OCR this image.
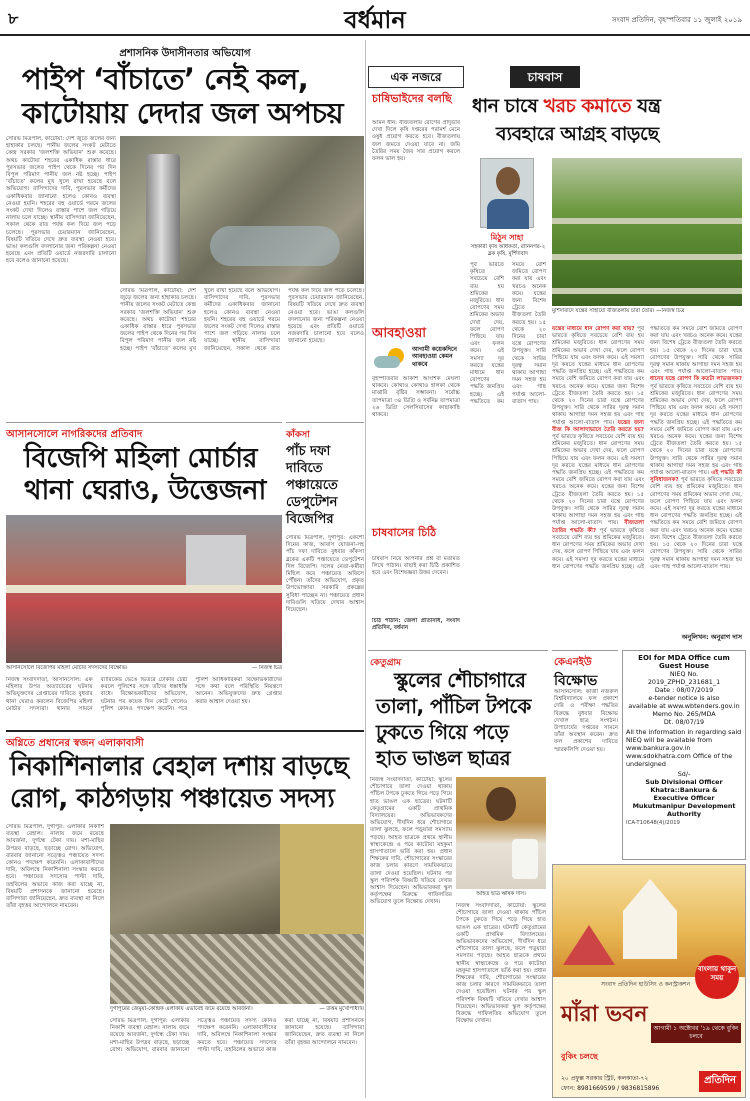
৮	বর্ধমান	সংবাদ প্রতিদিন, বৃহস্পতিবার ১১ জুলাই ২০১৯
প্রশাসনিক উদাসীনতার অভিযোগ
পাইপ ‘বাঁচাতে’ নেই কল,
কাটোয়ায় দেদার জল অপচয়
সৌরভ মিত্রপাল, কাটোয়া: দেশ জুড়ে জলের জন্য হাহাকার চলছে। পানীয় জলের সংকট মেটাতে কেন্দ্র সরকার ‘জলশক্তি অভিযান’ শুরু করেছে। অথচ কাটোয়া শহরের একাধিক রাস্তার ধারে পুরসভার জলের পাইপ থেকে দিনের পর দিন বিপুল পরিমাণ পানীয় জল নষ্ট হচ্ছে। পাইপ ‘বাঁচাতে’ কলের মুখ খুলে রাখা হয়েছে বলে অভিযোগ। বাসিন্দাদের দাবি, পুরসভার কর্মীদের একাধিকবার জানানো হলেও কোনও ব্যবস্থা নেওয়া হয়নি। শহরের বহু ওয়ার্ডে গরমে জলের সংকট দেখা দিলেও রাস্তার পাশে জল গড়িয়ে নালায় চলে যাচ্ছে। স্থানীয় বাসিন্দারা জানিয়েছেন, সকাল থেকে রাত পর্যন্ত কল দিয়ে জল পড়ে চলেছে। পুরসভার চেয়ারম্যান জানিয়েছেন, বিষয়টি খতিয়ে দেখে দ্রুত ব্যবস্থা নেওয়া হবে। ভাঙা কলগুলি বদলানোর জন্য পরিকল্পনা নেওয়া হয়েছে এবং প্রতিটি ওয়ার্ডে নজরদারি চালানো হবে বলেও জানানো হয়েছে।
সৌরভ মিত্রপাল, কাটোয়া: দেশ জুড়ে জলের জন্য হাহাকার চলছে। পানীয় জলের সংকট মেটাতে কেন্দ্র সরকার ‘জলশক্তি অভিযান’ শুরু করেছে। অথচ কাটোয়া শহরের একাধিক রাস্তার ধারে পুরসভার জলের পাইপ থেকে দিনের পর দিন বিপুল পরিমাণ পানীয় জল নষ্ট হচ্ছে। পাইপ ‘বাঁচাতে’ কলের মুখ খুলে রাখা হয়েছে বলে অভিযোগ। বাসিন্দাদের দাবি, পুরসভার কর্মীদের একাধিকবার জানানো হলেও কোনও ব্যবস্থা নেওয়া হয়নি। শহরের বহু ওয়ার্ডে গরমে জলের সংকট দেখা দিলেও রাস্তার পাশে জল গড়িয়ে নালায় চলে যাচ্ছে। স্থানীয় বাসিন্দারা জানিয়েছেন, সকাল থেকে রাত পর্যন্ত কল দিয়ে জল পড়ে চলেছে। পুরসভার চেয়ারম্যান জানিয়েছেন, বিষয়টি খতিয়ে দেখে দ্রুত ব্যবস্থা নেওয়া হবে। ভাঙা কলগুলি বদলানোর জন্য পরিকল্পনা নেওয়া হয়েছে এবং প্রতিটি ওয়ার্ডে নজরদারি চালানো হবে বলেও জানানো হয়েছে।
এক নজরে
চাষিভাইদের বলছি
আমন ধান: বীজতলায় রোগের প্রাদুর্ভাব দেখা দিলে কৃষি দপ্তরের পরামর্শ মেনে ওষুধ প্রয়োগ করতে হবে। বীজতলায় জল জমতে দেওয়া যাবে না। জমি তৈরির সময় জৈব সার প্রয়োগ করলে ফলন ভাল হয়।
আবহাওয়া
আগামী কয়েকদিনে আবহাওয়া কেমন থাকবে
বৃহস্পতিবার আকাশ আংশিক মেঘলা থাকবে। কোথাও কোথাও হালকা থেকে মাঝারি বৃষ্টির সম্ভাবনা। সর্বোচ্চ তাপমাত্রা ৩৪ ডিগ্রি ও সর্বনিম্ন তাপমাত্রা ২৬ ডিগ্রি সেলসিয়াসের কাছাকাছি থাকবে।
চাষবাসের চিঠি
চাষবাস নিয়ে আপনার প্রশ্ন বা মতামত লিখে পাঠান। বাছাই করা চিঠি প্রকাশিত হবে এবং বিশেষজ্ঞরা উত্তর দেবেন।
চিঠি পাঠান: জেলা প্রতিনিধি, সংবাদ প্রতিদিন, বর্ধমান
চাষবাস
ধান চাষে খরচ কমাতে যন্ত্র
ব্যবহারে আগ্রহ বাড়ছে
মিঠুন সাহা
সহকারী কৃষি অধিকর্তা, রানিনগর-২ ব্লক কৃষি, মুর্শিদাবাদ
মুর্শিদাবাদে যন্ত্রের সাহায্যে বীজতলায় চারা তৈরি। —নিজস্ব চিত্র
পূর্ব ভারতে কৃষিতে সবচেয়ে বেশি ব্যয় হয় শ্রমিকের মজুরিতে। ধান রোপণের সময় শ্রমিকের অভাব দেখা দেয়, ফলে রোপণ পিছিয়ে যায় এবং ফলন কমে। এই সমস্যা দূর করতে যন্ত্রের মাধ্যমে ধান রোপণের পদ্ধতি জনপ্রিয় হচ্ছে। এই পদ্ধতিতে কম সময়ে বেশি জমিতে রোপণ করা যায় এবং খরচও অনেক কমে। যন্ত্রের জন্য বিশেষ ট্রেতে বীজতলা তৈরি করতে হয়। ১৫ থেকে ২০ দিনের চারা যন্ত্রে রোপণের উপযুক্ত। সারি থেকে সারির দূরত্ব সমান থাকায় আগাছা দমন সহজ হয় এবং গাছ পর্যাপ্ত আলো-বাতাস পায়।
যন্ত্রের মাধ্যমে ধান রোপণ করা যায়? পূর্ব ভারতে কৃষিতে সবচেয়ে বেশি ব্যয় হয় শ্রমিকের মজুরিতে। ধান রোপণের সময় শ্রমিকের অভাব দেখা দেয়, ফলে রোপণ পিছিয়ে যায় এবং ফলন কমে। এই সমস্যা দূর করতে যন্ত্রের মাধ্যমে ধান রোপণের পদ্ধতি জনপ্রিয় হচ্ছে। এই পদ্ধতিতে কম সময়ে বেশি জমিতে রোপণ করা যায় এবং খরচও অনেক কমে। যন্ত্রের জন্য বিশেষ ট্রেতে বীজতলা তৈরি করতে হয়। ১৫ থেকে ২০ দিনের চারা যন্ত্রে রোপণের উপযুক্ত। সারি থেকে সারির দূরত্ব সমান থাকায় আগাছা দমন সহজ হয় এবং গাছ পর্যাপ্ত আলো-বাতাস পায়। যন্ত্রের জন্য বীজ কি আলাদাভাবে তৈরি করতে হয়? পূর্ব ভারতে কৃষিতে সবচেয়ে বেশি ব্যয় হয় শ্রমিকের মজুরিতে। ধান রোপণের সময় শ্রমিকের অভাব দেখা দেয়, ফলে রোপণ পিছিয়ে যায় এবং ফলন কমে। এই সমস্যা দূর করতে যন্ত্রের মাধ্যমে ধান রোপণের পদ্ধতি জনপ্রিয় হচ্ছে। এই পদ্ধতিতে কম সময়ে বেশি জমিতে রোপণ করা যায় এবং খরচও অনেক কমে। যন্ত্রের জন্য বিশেষ ট্রেতে বীজতলা তৈরি করতে হয়। ১৫ থেকে ২০ দিনের চারা যন্ত্রে রোপণের উপযুক্ত। সারি থেকে সারির দূরত্ব সমান থাকায় আগাছা দমন সহজ হয় এবং গাছ পর্যাপ্ত আলো-বাতাস পায়। বীজতলা তৈরির পদ্ধতি কী? পূর্ব ভারতে কৃষিতে সবচেয়ে বেশি ব্যয় হয় শ্রমিকের মজুরিতে। ধান রোপণের সময় শ্রমিকের অভাব দেখা দেয়, ফলে রোপণ পিছিয়ে যায় এবং ফলন কমে। এই সমস্যা দূর করতে যন্ত্রের মাধ্যমে ধান রোপণের পদ্ধতি জনপ্রিয় হচ্ছে। এই পদ্ধতিতে কম সময়ে বেশি জমিতে রোপণ করা যায় এবং খরচও অনেক কমে। যন্ত্রের জন্য বিশেষ ট্রেতে বীজতলা তৈরি করতে হয়। ১৫ থেকে ২০ দিনের চারা যন্ত্রে রোপণের উপযুক্ত। সারি থেকে সারির দূরত্ব সমান থাকায় আগাছা দমন সহজ হয় এবং গাছ পর্যাপ্ত আলো-বাতাস পায়। ধানের যন্ত্রে রোপণ কি কতটা লাভজনক? পূর্ব ভারতে কৃষিতে সবচেয়ে বেশি ব্যয় হয় শ্রমিকের মজুরিতে। ধান রোপণের সময় শ্রমিকের অভাব দেখা দেয়, ফলে রোপণ পিছিয়ে যায় এবং ফলন কমে। এই সমস্যা দূর করতে যন্ত্রের মাধ্যমে ধান রোপণের পদ্ধতি জনপ্রিয় হচ্ছে। এই পদ্ধতিতে কম সময়ে বেশি জমিতে রোপণ করা যায় এবং খরচও অনেক কমে। যন্ত্রের জন্য বিশেষ ট্রেতে বীজতলা তৈরি করতে হয়। ১৫ থেকে ২০ দিনের চারা যন্ত্রে রোপণের উপযুক্ত। সারি থেকে সারির দূরত্ব সমান থাকায় আগাছা দমন সহজ হয় এবং গাছ পর্যাপ্ত আলো-বাতাস পায়। এই পদ্ধতি কী সুবিধাজনক? পূর্ব ভারতে কৃষিতে সবচেয়ে বেশি ব্যয় হয় শ্রমিকের মজুরিতে। ধান রোপণের সময় শ্রমিকের অভাব দেখা দেয়, ফলে রোপণ পিছিয়ে যায় এবং ফলন কমে। এই সমস্যা দূর করতে যন্ত্রের মাধ্যমে ধান রোপণের পদ্ধতি জনপ্রিয় হচ্ছে। এই পদ্ধতিতে কম সময়ে বেশি জমিতে রোপণ করা যায় এবং খরচও অনেক কমে। যন্ত্রের জন্য বিশেষ ট্রেতে বীজতলা তৈরি করতে হয়। ১৫ থেকে ২০ দিনের চারা যন্ত্রে রোপণের উপযুক্ত। সারি থেকে সারির দূরত্ব সমান থাকায় আগাছা দমন সহজ হয় এবং গাছ পর্যাপ্ত আলো-বাতাস পায়।
অনুলিখন: অনুরাগ দাস
আসানসোলে নাগরিকদের প্রতিবাদ
বিজেপি মহিলা মোর্চার
থানা ঘেরাও, উত্তেজনা
আসানসোলে বিজেপির মহিলা মোর্চার সদস্যদের বিক্ষোভ।	— নিজস্ব চিত্র
নিজস্ব সংবাদদাতা, আসানসোল: এক মহিলার উপর অত্যাচারের ঘটনায় অভিযুক্তদের গ্রেপ্তারের দাবিতে বুধবার থানা ঘেরাও করলেন বিজেপির মহিলা মোর্চার সদস্যরা। থানার সামনে ব্যারিকেড ভেঙে ভিতরে ঢোকার চেষ্টা করলে পুলিশের সঙ্গে তাঁদের ধস্তাধস্তি বাধে। বিক্ষোভকারীদের অভিযোগ, ঘটনার পর কয়েক দিন কেটে গেলেও পুলিশ কোনও পদক্ষেপ করেনি। পরে পুলিশ আধিকারিকরা বিক্ষোভকারীদের সঙ্গে কথা বলে পরিস্থিতি নিয়ন্ত্রণে আনেন। অভিযুক্তদের দ্রুত গ্রেপ্তার করার আশ্বাস দেওয়া হয়।
কাঁকসা
পাঁচ দফা দাবিতে পঞ্চায়েতে ডেপুটেশন বিজেপির
সৌরভ মিত্রপাল, দুর্গাপুর: একশো দিনের কাজ, আবাস যোজনা-সহ পাঁচ দফা দাবিতে বুধবার কাঁকসা ব্লকের একটি পঞ্চায়েতে ডেপুটেশন দিল বিজেপি। দলের নেতা-কর্মীরা মিছিল করে পঞ্চায়েত অফিসে পৌঁছন। তাঁদের অভিযোগ, প্রকৃত উপভোক্তারা সরকারি প্রকল্পের সুবিধা পাচ্ছেন না। পঞ্চায়েত প্রধান দাবিগুলি খতিয়ে দেখার আশ্বাস দিয়েছেন।
অগ্নিতে প্রধানের স্বজন এলাকাবাসী
নিকাশিনালার বেহাল দশায় বাড়ছে
রোগ, কাঠগড়ায় পঞ্চায়েত সদস্য
সৌরভ মিত্রপাল, দুর্গাপুর: এলাকার নিকাশি ব্যবস্থা বেহাল। নালায় জমে রয়েছে আবর্জনা, দুর্গন্ধে টেকা দায়। মশা-মাছির উপদ্রব বাড়ছে, ছড়াচ্ছে রোগ। অভিযোগ, বারবার জানানো সত্ত্বেও পঞ্চায়েত সদস্য কোনও পদক্ষেপ করেননি। এলাকাবাসীদের দাবি, অবিলম্বে নিকাশিনালা সংস্কার করতে হবে। পঞ্চায়েত সদস্যের পাল্টা দাবি, তহবিলের অভাবে কাজ করা যাচ্ছে না, বিষয়টি প্রশাসনকে জানানো হয়েছে। বাসিন্দারা জানিয়েছেন, দ্রুত ব্যবস্থা না নিলে তাঁরা বৃহত্তর আন্দোলনে নামবেন।
দুর্গাপুরের জেমুয়া-কেন্দ্রিক এলাকায় এভাবেই জমে রয়েছে আবর্জনা।	— উত্তম মুখোপাধ্যায়
সৌরভ মিত্রপাল, দুর্গাপুর: এলাকার নিকাশি ব্যবস্থা বেহাল। নালায় জমে রয়েছে আবর্জনা, দুর্গন্ধে টেকা দায়। মশা-মাছির উপদ্রব বাড়ছে, ছড়াচ্ছে রোগ। অভিযোগ, বারবার জানানো সত্ত্বেও পঞ্চায়েত সদস্য কোনও পদক্ষেপ করেননি। এলাকাবাসীদের দাবি, অবিলম্বে নিকাশিনালা সংস্কার করতে হবে। পঞ্চায়েত সদস্যের পাল্টা দাবি, তহবিলের অভাবে কাজ করা যাচ্ছে না, বিষয়টি প্রশাসনকে জানানো হয়েছে। বাসিন্দারা জানিয়েছেন, দ্রুত ব্যবস্থা না নিলে তাঁরা বৃহত্তর আন্দোলনে নামবেন।
কেতুগ্রাম
স্কুলের শৌচাগারে
তালা, পাঁচিল টপকে
ঢুকতে গিয়ে পড়ে
হাত ভাঙল ছাত্রর
নিজস্ব সংবাদদাতা, কাটোয়া: স্কুলের শৌচাগারে তালা দেওয়া থাকায় পাঁচিল টপকে ঢুকতে গিয়ে পড়ে গিয়ে হাত ভাঙল এক ছাত্রের। ঘটনাটি কেতুগ্রামের একটি প্রাথমিক বিদ্যালয়ের। অভিভাবকদের অভিযোগ, দীর্ঘদিন ধরে শৌচাগারে তালা ঝুলছে, ফলে পড়ুয়ারা সমস্যায় পড়ছে। আহত ছাত্রকে প্রথমে স্থানীয় স্বাস্থ্যকেন্দ্রে ও পরে কাটোয়া মহকুমা হাসপাতালে ভর্তি করা হয়। প্রধান শিক্ষকের দাবি, শৌচাগারের সংস্কারের কাজ চলার কারণে সাময়িকভাবে তালা দেওয়া হয়েছিল। ঘটনার পর স্কুল পরিদর্শক বিষয়টি খতিয়ে দেখার আশ্বাস দিয়েছেন। অভিভাবকরা স্কুল কর্তৃপক্ষের বিরুদ্ধে গাফিলতির অভিযোগ তুলে বিক্ষোভ দেখান।
আহত ছাত্র ঋষিক দাস।
নিজস্ব সংবাদদাতা, কাটোয়া: স্কুলের শৌচাগারে তালা দেওয়া থাকায় পাঁচিল টপকে ঢুকতে গিয়ে পড়ে গিয়ে হাত ভাঙল এক ছাত্রের। ঘটনাটি কেতুগ্রামের একটি প্রাথমিক বিদ্যালয়ের। অভিভাবকদের অভিযোগ, দীর্ঘদিন ধরে শৌচাগারে তালা ঝুলছে, ফলে পড়ুয়ারা সমস্যায় পড়ছে। আহত ছাত্রকে প্রথমে স্থানীয় স্বাস্থ্যকেন্দ্রে ও পরে কাটোয়া মহকুমা হাসপাতালে ভর্তি করা হয়। প্রধান শিক্ষকের দাবি, শৌচাগারের সংস্কারের কাজ চলার কারণে সাময়িকভাবে তালা দেওয়া হয়েছিল। ঘটনার পর স্কুল পরিদর্শক বিষয়টি খতিয়ে দেখার আশ্বাস দিয়েছেন। অভিভাবকরা স্কুল কর্তৃপক্ষের বিরুদ্ধে গাফিলতির অভিযোগ তুলে বিক্ষোভ দেখান।
কেএনইউ
বিক্ষোভ
আসানসোল: কাজী নজরুল বিশ্ববিদ্যালয়ে ফল প্রকাশে দেরি ও পরীক্ষা পদ্ধতির বিরুদ্ধে বুধবার বিক্ষোভ দেখাল ছাত্র সংগঠন। উপাচার্যের দপ্তরের সামনে তাঁরা অবস্থান করেন। দ্রুত ফল প্রকাশের দাবিতে স্মারকলিপি দেওয়া হয়।
EOI for MDA Office cum Guest House
NIEQ No.
2019_ZPHD_231681_1
Date : 08/07/2019
e-tender notice is also
available at www.wbtenders.gov.in
Memo No. 265/MDA
Dt. 08/07/19
All the information in regarding said NIEQ will be available from www.bankura.gov.in www.sdokhatra.com Office of the undersigned
Sd/-
Sub Divisional Officer
Khatra::Bankura &
Executive Officer
Mukutmanipur Development
Authority
ICA-T10648(4)/2019
বাংলায় থাকুন সময়
সংবাদ প্রতিদিন হাউসিং ও কনস্ট্রাকশন
মাঁরা ভবন
আগামী ১ অক্টোবর '১৯ থেকে বুকিং চলবে
বুকিং চলছে
২০ প্রফুল্ল সরকার স্ট্রিট, কলকাতা-৭২
ফোন: 8981669599 / 9836815896
প্রতিদিন
